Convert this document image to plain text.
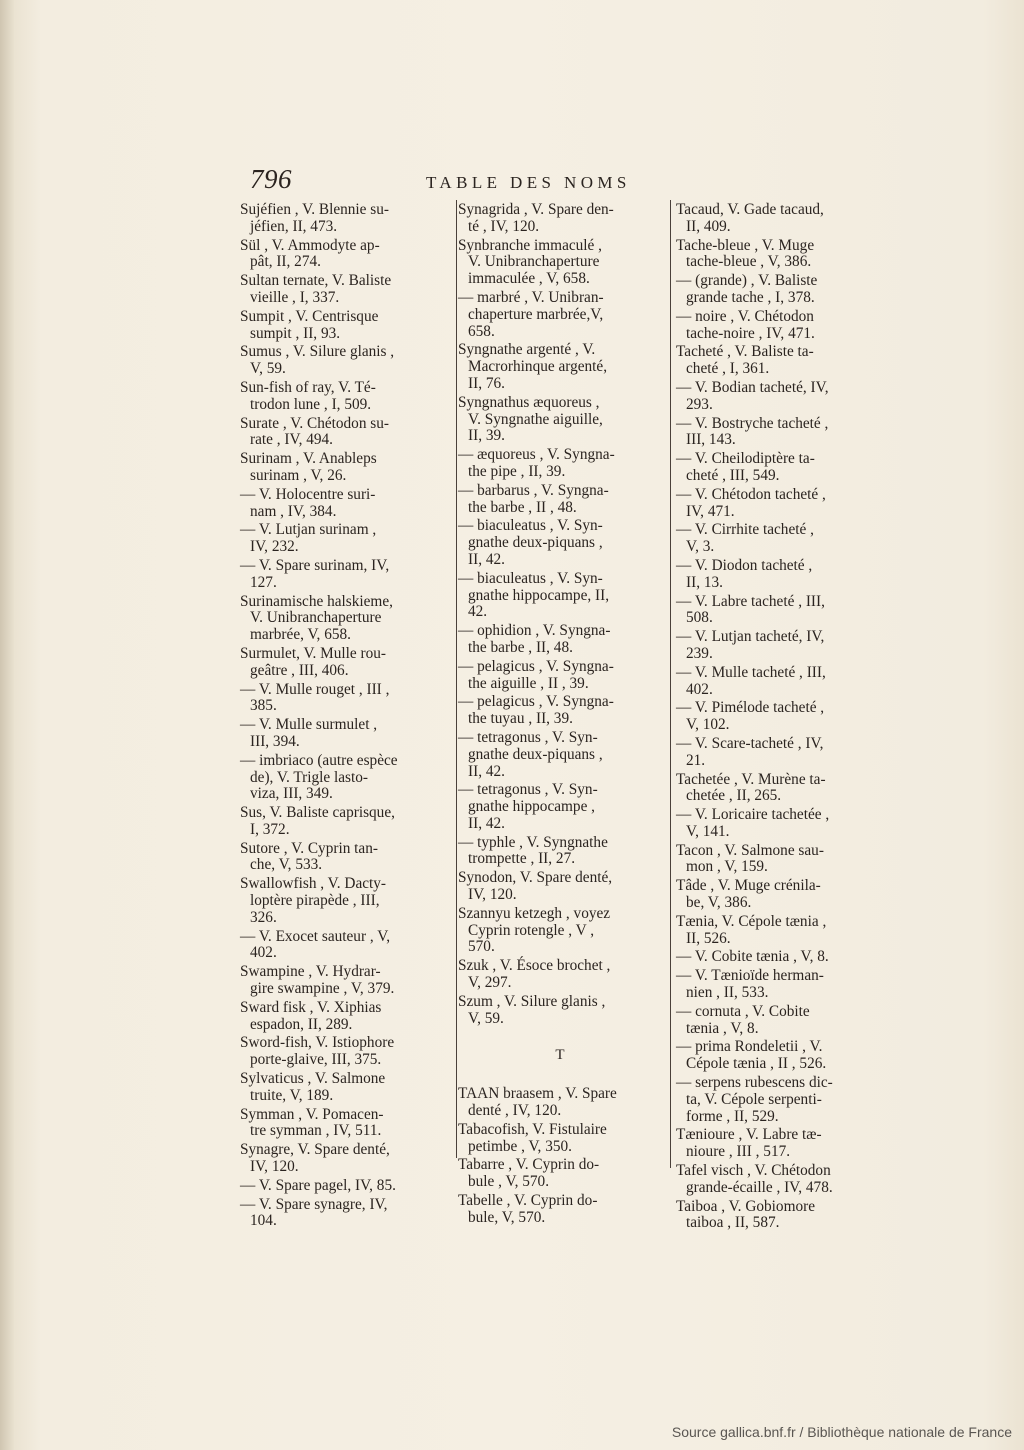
796	TABLE DES NOMS
Sujéfien , V. Blennie su-
jéfien, II, 473.
Sül , V. Ammodyte ap-
pât, II, 274.
Sultan ternate, V. Baliste
vieille , I, 337.
Sumpit , V. Centrisque
sumpit , II, 93.
Sumus , V. Silure glanis ,
V, 59.
Sun-fish of ray, V. Té-
trodon lune , I, 509.
Surate , V. Chétodon su-
rate , IV, 494.
Surinam , V. Anableps
surinam , V, 26.
— V. Holocentre suri-
nam , IV, 384.
— V. Lutjan surinam ,
IV, 232.
— V. Spare surinam, IV,
127.
Surinamische halskieme,
V. Unibranchaperture
marbrée, V, 658.
Surmulet, V. Mulle rou-
geâtre , III, 406.
— V. Mulle rouget , III ,
385.
— V. Mulle surmulet ,
III, 394.
— imbriaco (autre espèce
de), V. Trigle lasto-
viza, III, 349.
Sus, V. Baliste caprisque,
I, 372.
Sutore , V. Cyprin tan-
che, V, 533.
Swallowfish , V. Dacty-
loptère pirapède , III,
326.
— V. Exocet sauteur , V,
402.
Swampine , V. Hydrar-
gire swampine , V, 379.
Sward fisk , V. Xiphias
espadon, II, 289.
Sword-fish, V. Istiophore
porte-glaive, III, 375.
Sylvaticus , V. Salmone
truite, V, 189.
Symman , V. Pomacen-
tre symman , IV, 511.
Synagre, V. Spare denté,
IV, 120.
— V. Spare pagel, IV, 85.
— V. Spare synagre, IV,
104.
Synagrida , V. Spare den-
té , IV, 120.
Synbranche immaculé ,
V. Unibranchaperture
immaculée , V, 658.
— marbré , V. Unibran-
chaperture marbrée,V,
658.
Syngnathe argenté , V.
Macrorhinque argenté,
II, 76.
Syngnathus æquoreus ,
V. Syngnathe aiguille,
II, 39.
— æquoreus , V. Syngna-
the pipe , II, 39.
— barbarus , V. Syngna-
the barbe , II , 48.
— biaculeatus , V. Syn-
gnathe deux-piquans ,
II, 42.
— biaculeatus , V. Syn-
gnathe hippocampe, II,
42.
— ophidion , V. Syngna-
the barbe , II, 48.
— pelagicus , V. Syngna-
the aiguille , II , 39.
— pelagicus , V. Syngna-
the tuyau , II, 39.
— tetragonus , V. Syn-
gnathe deux-piquans ,
II, 42.
— tetragonus , V. Syn-
gnathe hippocampe ,
II, 42.
— typhle , V. Syngnathe
trompette , II, 27.
Synodon, V. Spare denté,
IV, 120.
Szannyu ketzegh , voyez
Cyprin rotengle , V ,
570.
Szuk , V. Ésoce brochet ,
V, 297.
Szum , V. Silure glanis ,
V, 59.
T
TAAN braasem , V. Spare
denté , IV, 120.
Tabacofish, V. Fistulaire
petimbe , V, 350.
Tabarre , V. Cyprin do-
bule , V, 570.
Tabelle , V. Cyprin do-
bule, V, 570.
Tacaud, V. Gade tacaud,
II, 409.
Tache-bleue , V. Muge
tache-bleue , V, 386.
— (grande) , V. Baliste
grande tache , I, 378.
— noire , V. Chétodon
tache-noire , IV, 471.
Tacheté , V. Baliste ta-
cheté , I, 361.
— V. Bodian tacheté, IV,
293.
— V. Bostryche tacheté ,
III, 143.
— V. Cheilodiptère ta-
cheté , III, 549.
— V. Chétodon tacheté ,
IV, 471.
— V. Cirrhite tacheté ,
V, 3.
— V. Diodon tacheté ,
II, 13.
— V. Labre tacheté , III,
508.
— V. Lutjan tacheté, IV,
239.
— V. Mulle tacheté , III,
402.
— V. Pimélode tacheté ,
V, 102.
— V. Scare-tacheté , IV,
21.
Tachetée , V. Murène ta-
chetée , II, 265.
— V. Loricaire tachetée ,
V, 141.
Tacon , V. Salmone sau-
mon , V, 159.
Tâde , V. Muge crénila-
be, V, 386.
Tænia, V. Cépole tænia ,
II, 526.
— V. Cobite tænia , V, 8.
— V. Tænioïde herman-
nien , II, 533.
— cornuta , V. Cobite
tænia , V, 8.
— prima Rondeletii , V.
Cépole tænia , II , 526.
— serpens rubescens dic-
ta, V. Cépole serpenti-
forme , II, 529.
Tænioure , V. Labre tæ-
nioure , III , 517.
Tafel visch , V. Chétodon
grande-écaille , IV, 478.
Taiboa , V. Gobiomore
taiboa , II, 587.
Source gallica.bnf.fr / Bibliothèque nationale de France
